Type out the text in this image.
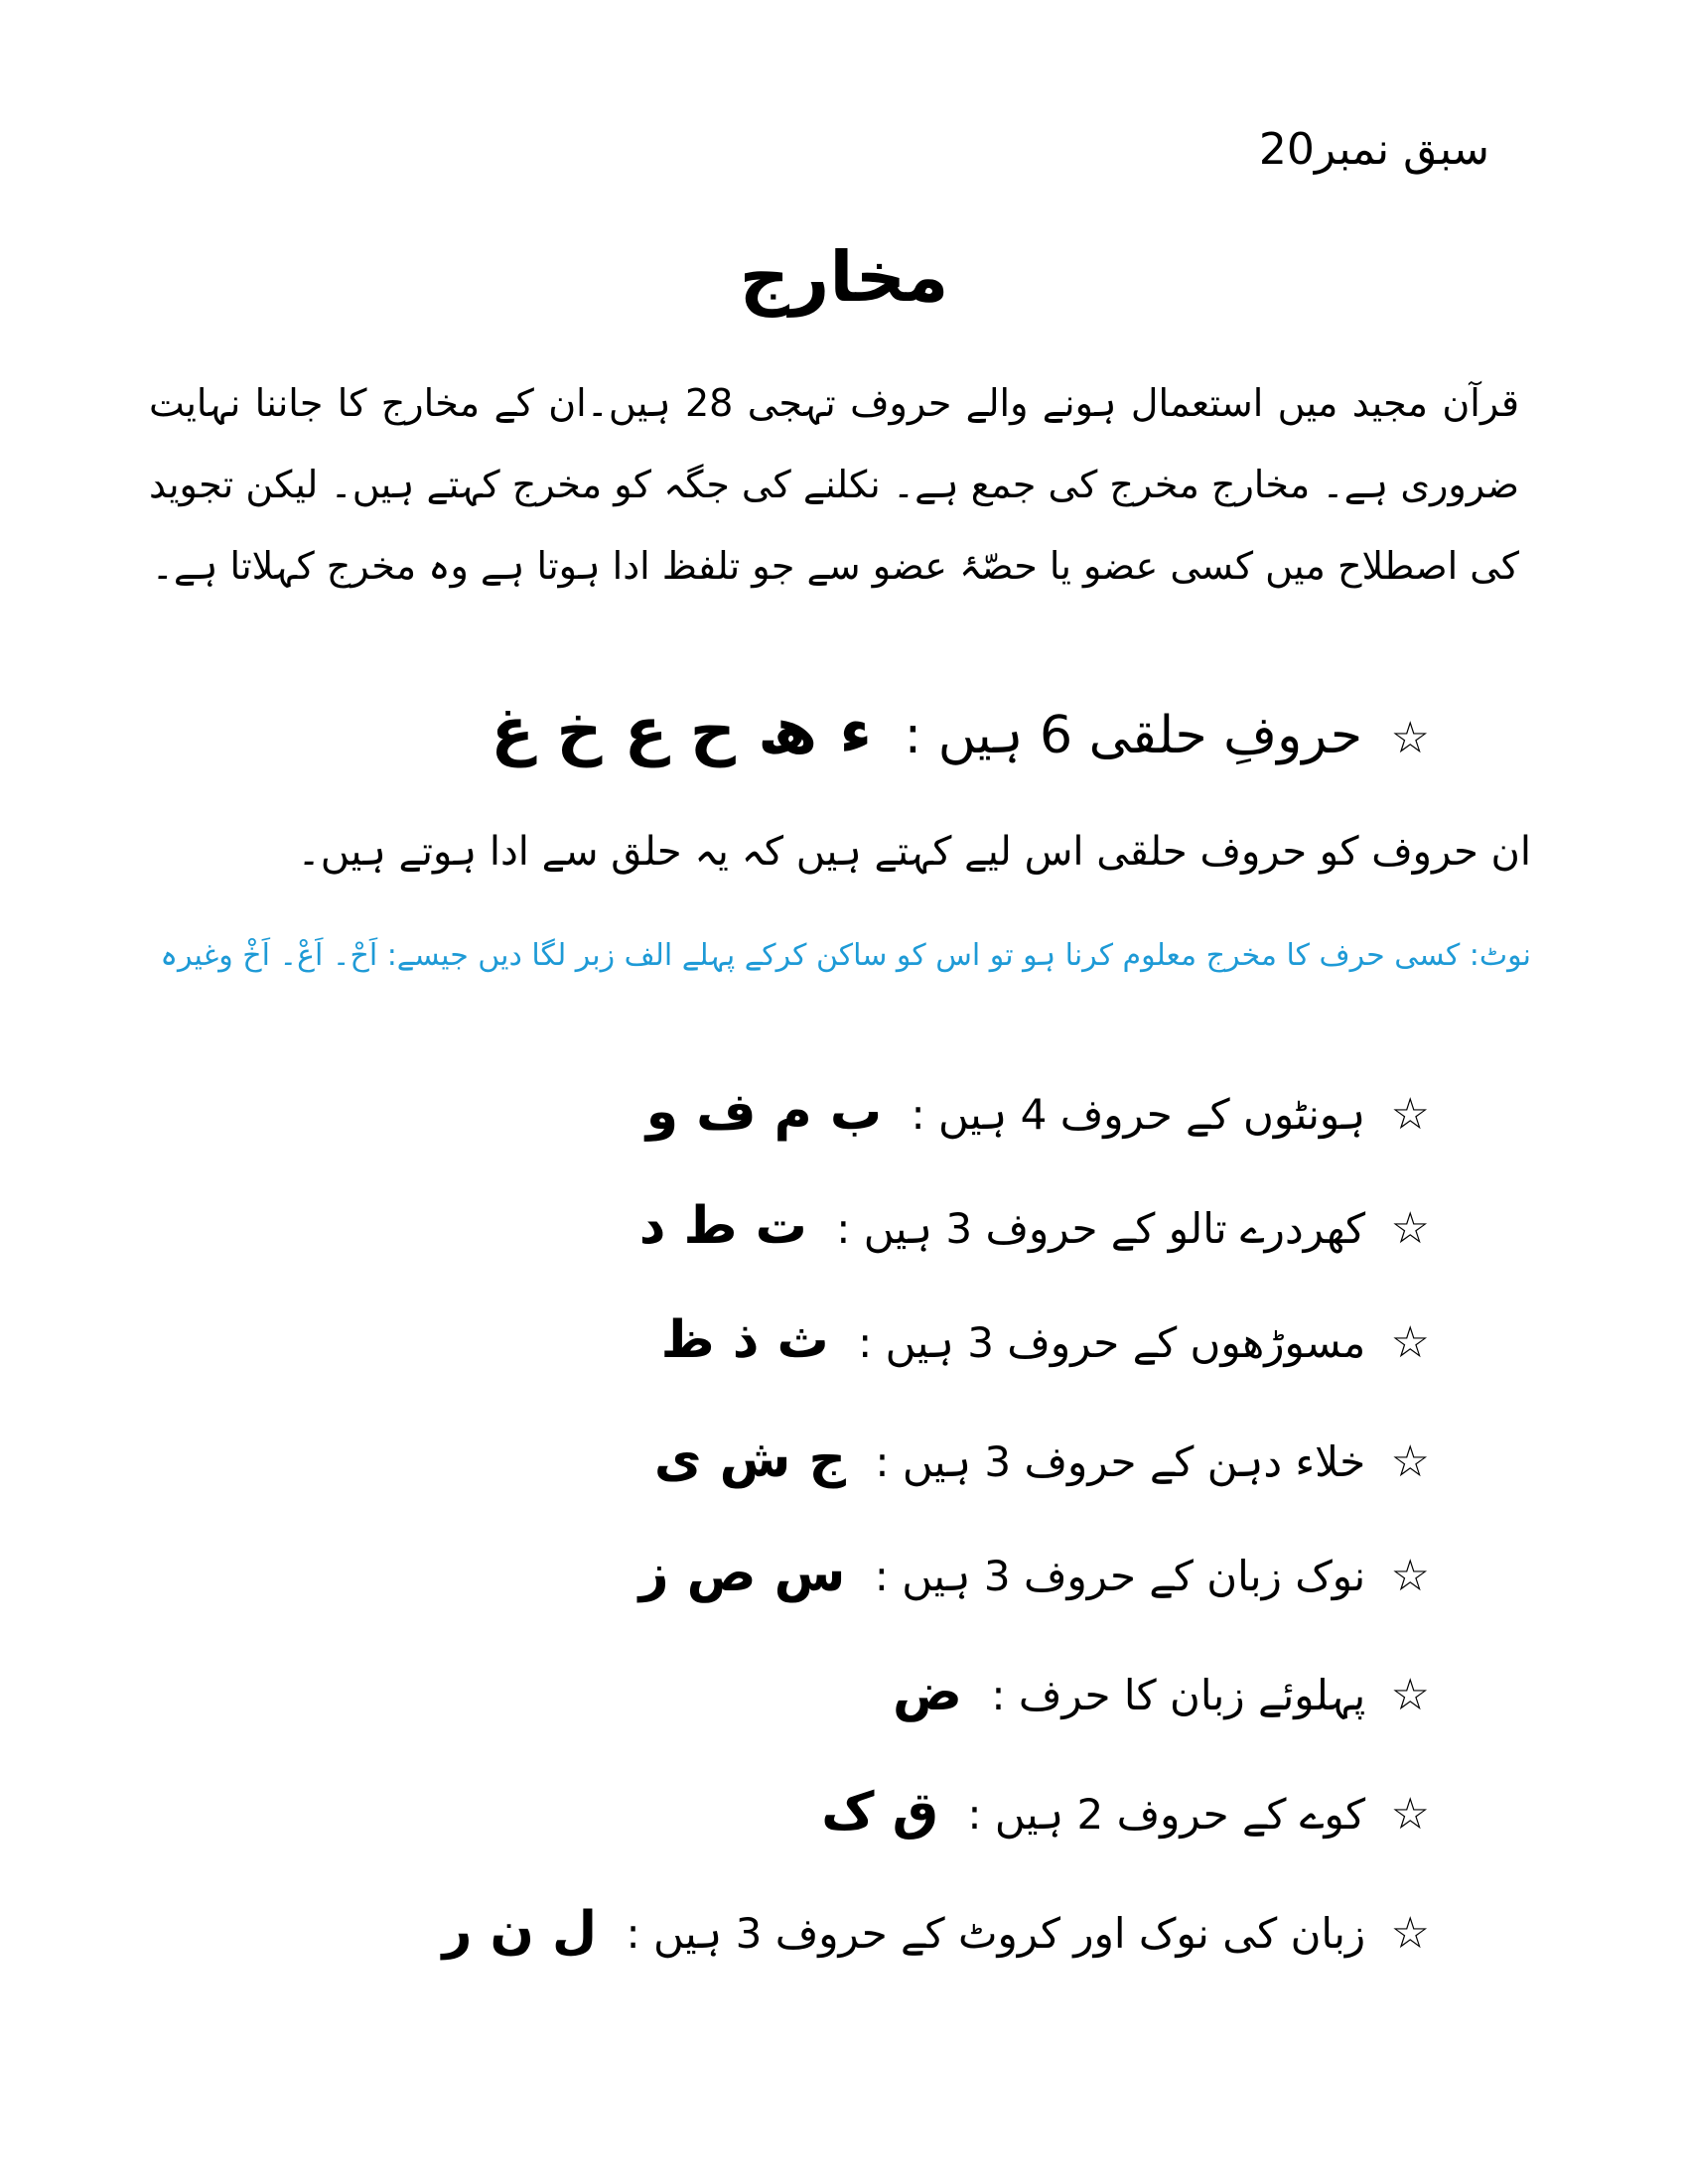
سبق نمبر20
مخارج

قرآن مجید میں استعمال ہونے والے حروف تہجی 28 ہیں۔ان کے مخارج کا جاننا نہایت ضروری ہے۔ مخارج مخرج کی جمع ہے۔ نکلنے کی جگہ کو مخرج کہتے ہیں۔ لیکن تجوید کی اصطلاح میں کسی عضو یا حصّۂ عضو سے جو تلفظ ادا ہوتا ہے وہ مخرج کہلاتا ہے۔

☆ حروفِ حلقی 6 ہیں : ء ھ ح ع خ غ
ان حروف کو حروف حلقی اس لیے کہتے ہیں کہ یہ حلق سے ادا ہوتے ہیں۔
نوٹ: کسی حرف کا مخرج معلوم کرنا ہو تو اس کو ساکن کرکے پہلے الف زبر لگا دیں جیسے: اَحْ۔ اَعْ۔ اَخْ وغیرہ
☆ ہونٹوں کے حروف 4 ہیں : ب م ف و
☆ کھردرے تالو کے حروف 3 ہیں : ت ط د
☆ مسوڑھوں کے حروف 3 ہیں : ث ذ ظ
☆ خلاء دہن کے حروف 3 ہیں : ج ش ی
☆ نوک زبان کے حروف 3 ہیں : س ص ز
☆ پہلوئے زبان کا حرف : ض
☆ کوے کے حروف 2 ہیں : ق ک
☆ زبان کی نوک اور کروٹ کے حروف 3 ہیں : ل ن ر
